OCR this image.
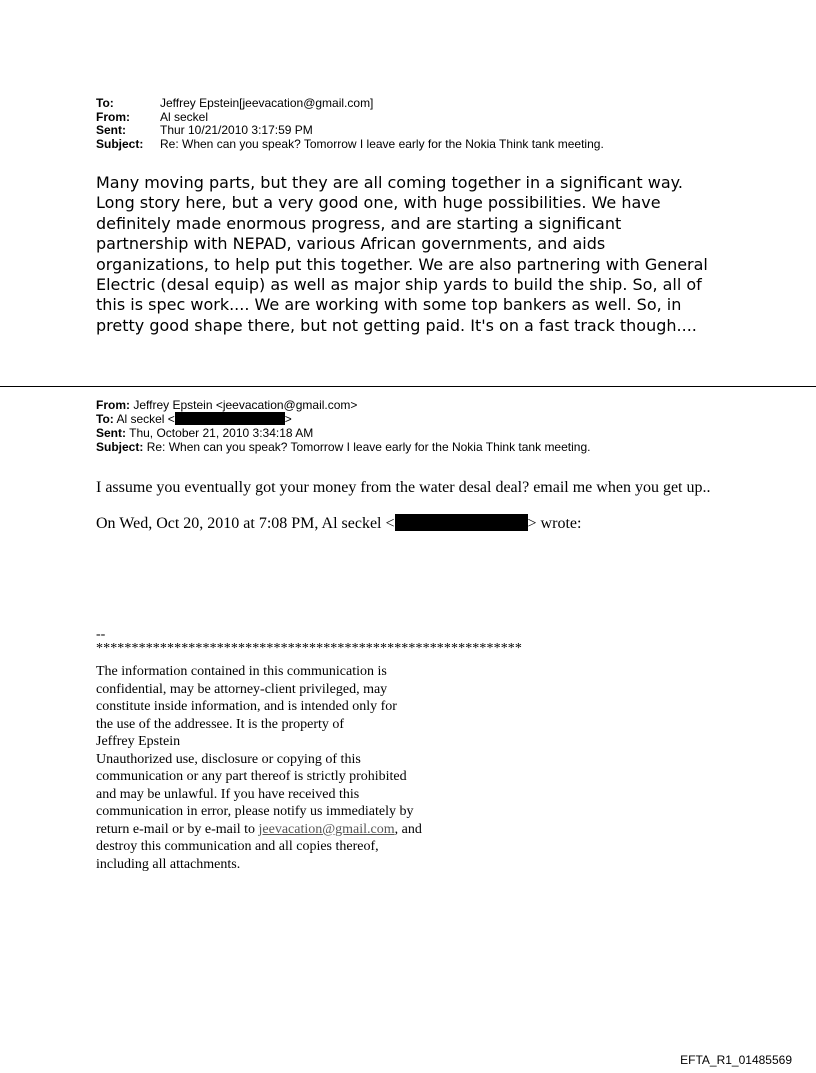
To:	Jeffrey Epstein[jeevacation@gmail.com]
From:	Al seckel
Sent:	Thur 10/21/2010 3:17:59 PM
Subject:	Re: When can you speak? Tomorrow I leave early for the Nokia Think tank meeting.
Many moving parts, but they are all coming together in a significant way.
Long story here, but a very good one, with huge possibilities. We have
definitely made enormous progress, and are starting a significant
partnership with NEPAD, various African governments, and aids
organizations, to help put this together. We are also partnering with General
Electric (desal equip) as well as major ship yards to build the ship. So, all of
this is spec work.... We are working with some top bankers as well. So, in
pretty good shape there, but not getting paid. It's on a fast track though....
From: Jeffrey Epstein <jeevacation@gmail.com>
To: Al seckel <	>
Sent: Thu, October 21, 2010 3:34:18 AM
Subject: Re: When can you speak? Tomorrow I leave early for the Nokia Think tank meeting.
I assume you eventually got your money from the water desal deal? email me when you get up..
On Wed, Oct 20, 2010 at 7:08 PM, Al seckel <	> wrote:
--
************************************************************
The information contained in this communication is
confidential, may be attorney-client privileged, may
constitute inside information, and is intended only for
the use of the addressee. It is the property of
Jeffrey Epstein
Unauthorized use, disclosure or copying of this
communication or any part thereof is strictly prohibited
and may be unlawful. If you have received this
communication in error, please notify us immediately by
return e-mail or by e-mail to jeevacation@gmail.com, and
destroy this communication and all copies thereof,
including all attachments.
EFTA_R1_01485569
